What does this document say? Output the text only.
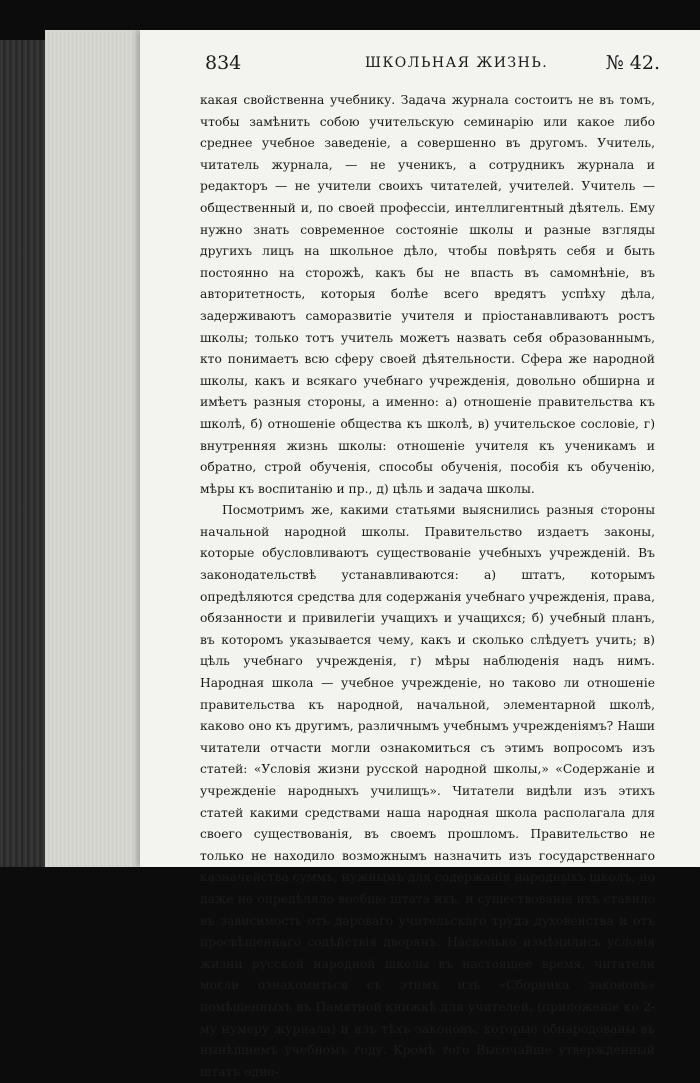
834	ШКОЛЬНАЯ ЖИЗНЬ.	№ 42.

какая свойственна учебнику. Задача журнала состоитъ не въ томъ, чтобы замѣнить собою учительскую семинарію или какое либо среднее учебное заведеніе, а совершенно въ другомъ. Учитель, читатель журнала, — не ученикъ, а сотрудникъ журнала и редакторъ — не учители своихъ читателей, учителей. Учитель — общественный и, по своей профессіи, интеллигентный дѣятель. Ему нужно знать современное состояніе школы и разные взгляды другихъ лицъ на школьное дѣло, чтобы повѣрять себя и быть постоянно на сторожѣ, какъ бы не впасть въ самомнѣніе, въ авторитетность, которыя болѣе всего вредятъ успѣху дѣла, задерживаютъ саморазвитіе учителя и пріостанавливаютъ ростъ школы; только тотъ учитель можетъ назвать себя образованнымъ, кто понимаетъ всю сферу своей дѣятельности. Сфера же народной школы, какъ и всякаго учебнаго учрежденія, довольно обширна и имѣетъ разныя стороны, а именно: а) отношеніе правительства къ школѣ, б) отношеніе общества къ школѣ, в) учительское сословіе, г) внутренняя жизнь школы: отношеніе учителя къ ученикамъ и обратно, строй обученія, способы обученія, пособія къ обученію, мѣры къ воспитанію и пр., д) цѣль и задача школы.

Посмотримъ же, какими статьями выяснились разныя стороны начальной народной школы. Правительство издаетъ законы, которые обусловливаютъ существованіе учебныхъ учрежденій. Въ законодательствѣ устанавливаются: а) штатъ, которымъ опредѣляются средства для содержанія учебнаго учрежденія, права, обязанности и привилегіи учащихъ и учащихся; б) учебный планъ, въ которомъ указывается чему, какъ и сколько слѣдуетъ учить; в) цѣль учебнаго учрежденія, г) мѣры наблюденія надъ нимъ. Народная школа — учебное учрежденіе, но таково ли отношеніе правительства къ народной, начальной, элементарной школѣ, каково оно къ другимъ, различнымъ учебнымъ учрежденіямъ? Наши читатели отчасти могли ознакомиться съ этимъ вопросомъ изъ статей: «Условія жизни русской народной школы,» «Содержаніе и учрежденіе народныхъ училищъ». Читатели видѣли изъ этихъ статей какими средствами наша народная школа располагала для своего существованія, въ своемъ прошломъ. Правительство не только не находило возможнымъ назначить изъ государственнаго казначейства суммъ, нужнымъ для содержанія народныхъ школъ, но даже не опредѣляло вообще штата ихъ, и существованіе ихъ ставило въ зависимость отъ дароваго учительскаго труда духовенства и отъ просвѣщеннаго содѣйствія дворянъ. Насколько измѣнились условія жизни русской народной школы въ настоящее время, читатели могли ознакомиться съ этимъ изъ «Сборника законовъ» помѣщенныхъ въ Памятной книжкѣ для учителей, (приложеніе ко 2-му нумеру журнала) и изъ тѣхъ законовъ, которые обнародованы въ нынѣшнемъ учебномъ году. Кромѣ того Высочайше утвержденный штатъ одно-
